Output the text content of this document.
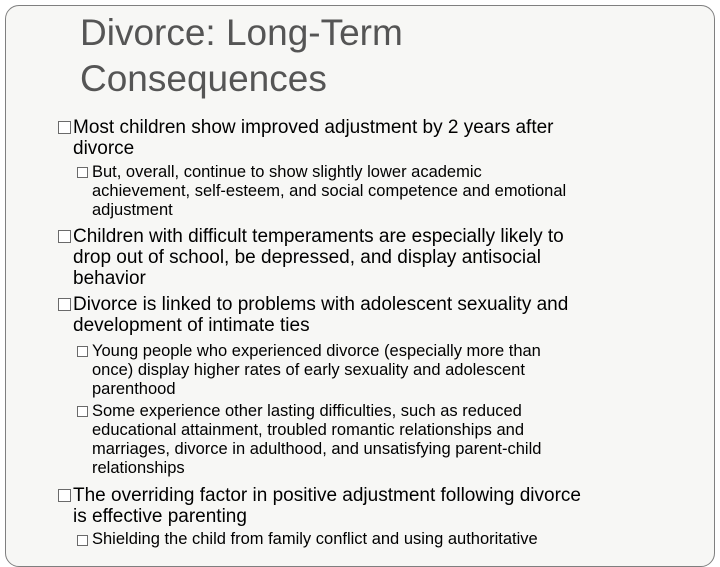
Divorce: Long-Term
Consequences
Most children show improved adjustment by 2 years after
divorce
But, overall, continue to show slightly lower academic
achievement, self-esteem, and social competence and emotional
adjustment
Children with difficult temperaments are especially likely to
drop out of school, be depressed, and display antisocial
behavior
Divorce is linked to problems with adolescent sexuality and
development of intimate ties
Young people who experienced divorce (especially more than
once) display higher rates of early sexuality and adolescent
parenthood
Some experience other lasting difficulties, such as reduced
educational attainment, troubled romantic relationships and
marriages, divorce in adulthood, and unsatisfying parent-child
relationships
The overriding factor in positive adjustment following divorce
is effective parenting
Shielding the child from family conflict and using authoritative
